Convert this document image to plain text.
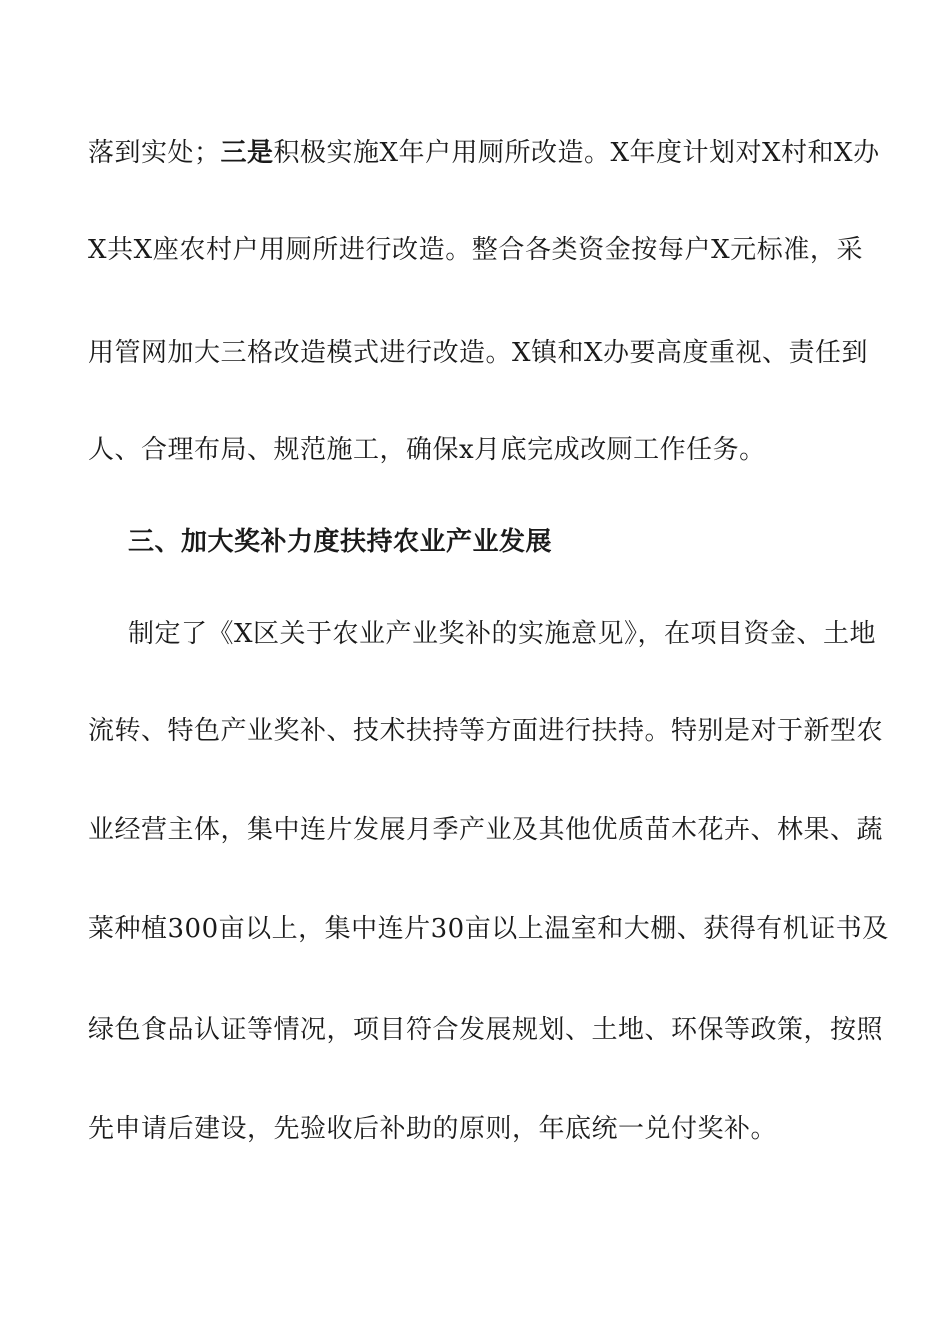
落到实处；三是积极实施X年户用厕所改造。X年度计划对X村和X办
X共X座农村户用厕所进行改造。整合各类资金按每户X元标准，采
用管网加大三格改造模式进行改造。X镇和X办要高度重视、责任到
人、合理布局、规范施工，确保x月底完成改厕工作任务。
三、加大奖补力度扶持农业产业发展
制定了《X区关于农业产业奖补的实施意见》，在项目资金、土地
流转、特色产业奖补、技术扶持等方面进行扶持。特别是对于新型农
业经营主体，集中连片发展月季产业及其他优质苗木花卉、林果、蔬
菜种植300亩以上，集中连片30亩以上温室和大棚、获得有机证书及
绿色食品认证等情况，项目符合发展规划、土地、环保等政策，按照
先申请后建设，先验收后补助的原则，年底统一兑付奖补。
